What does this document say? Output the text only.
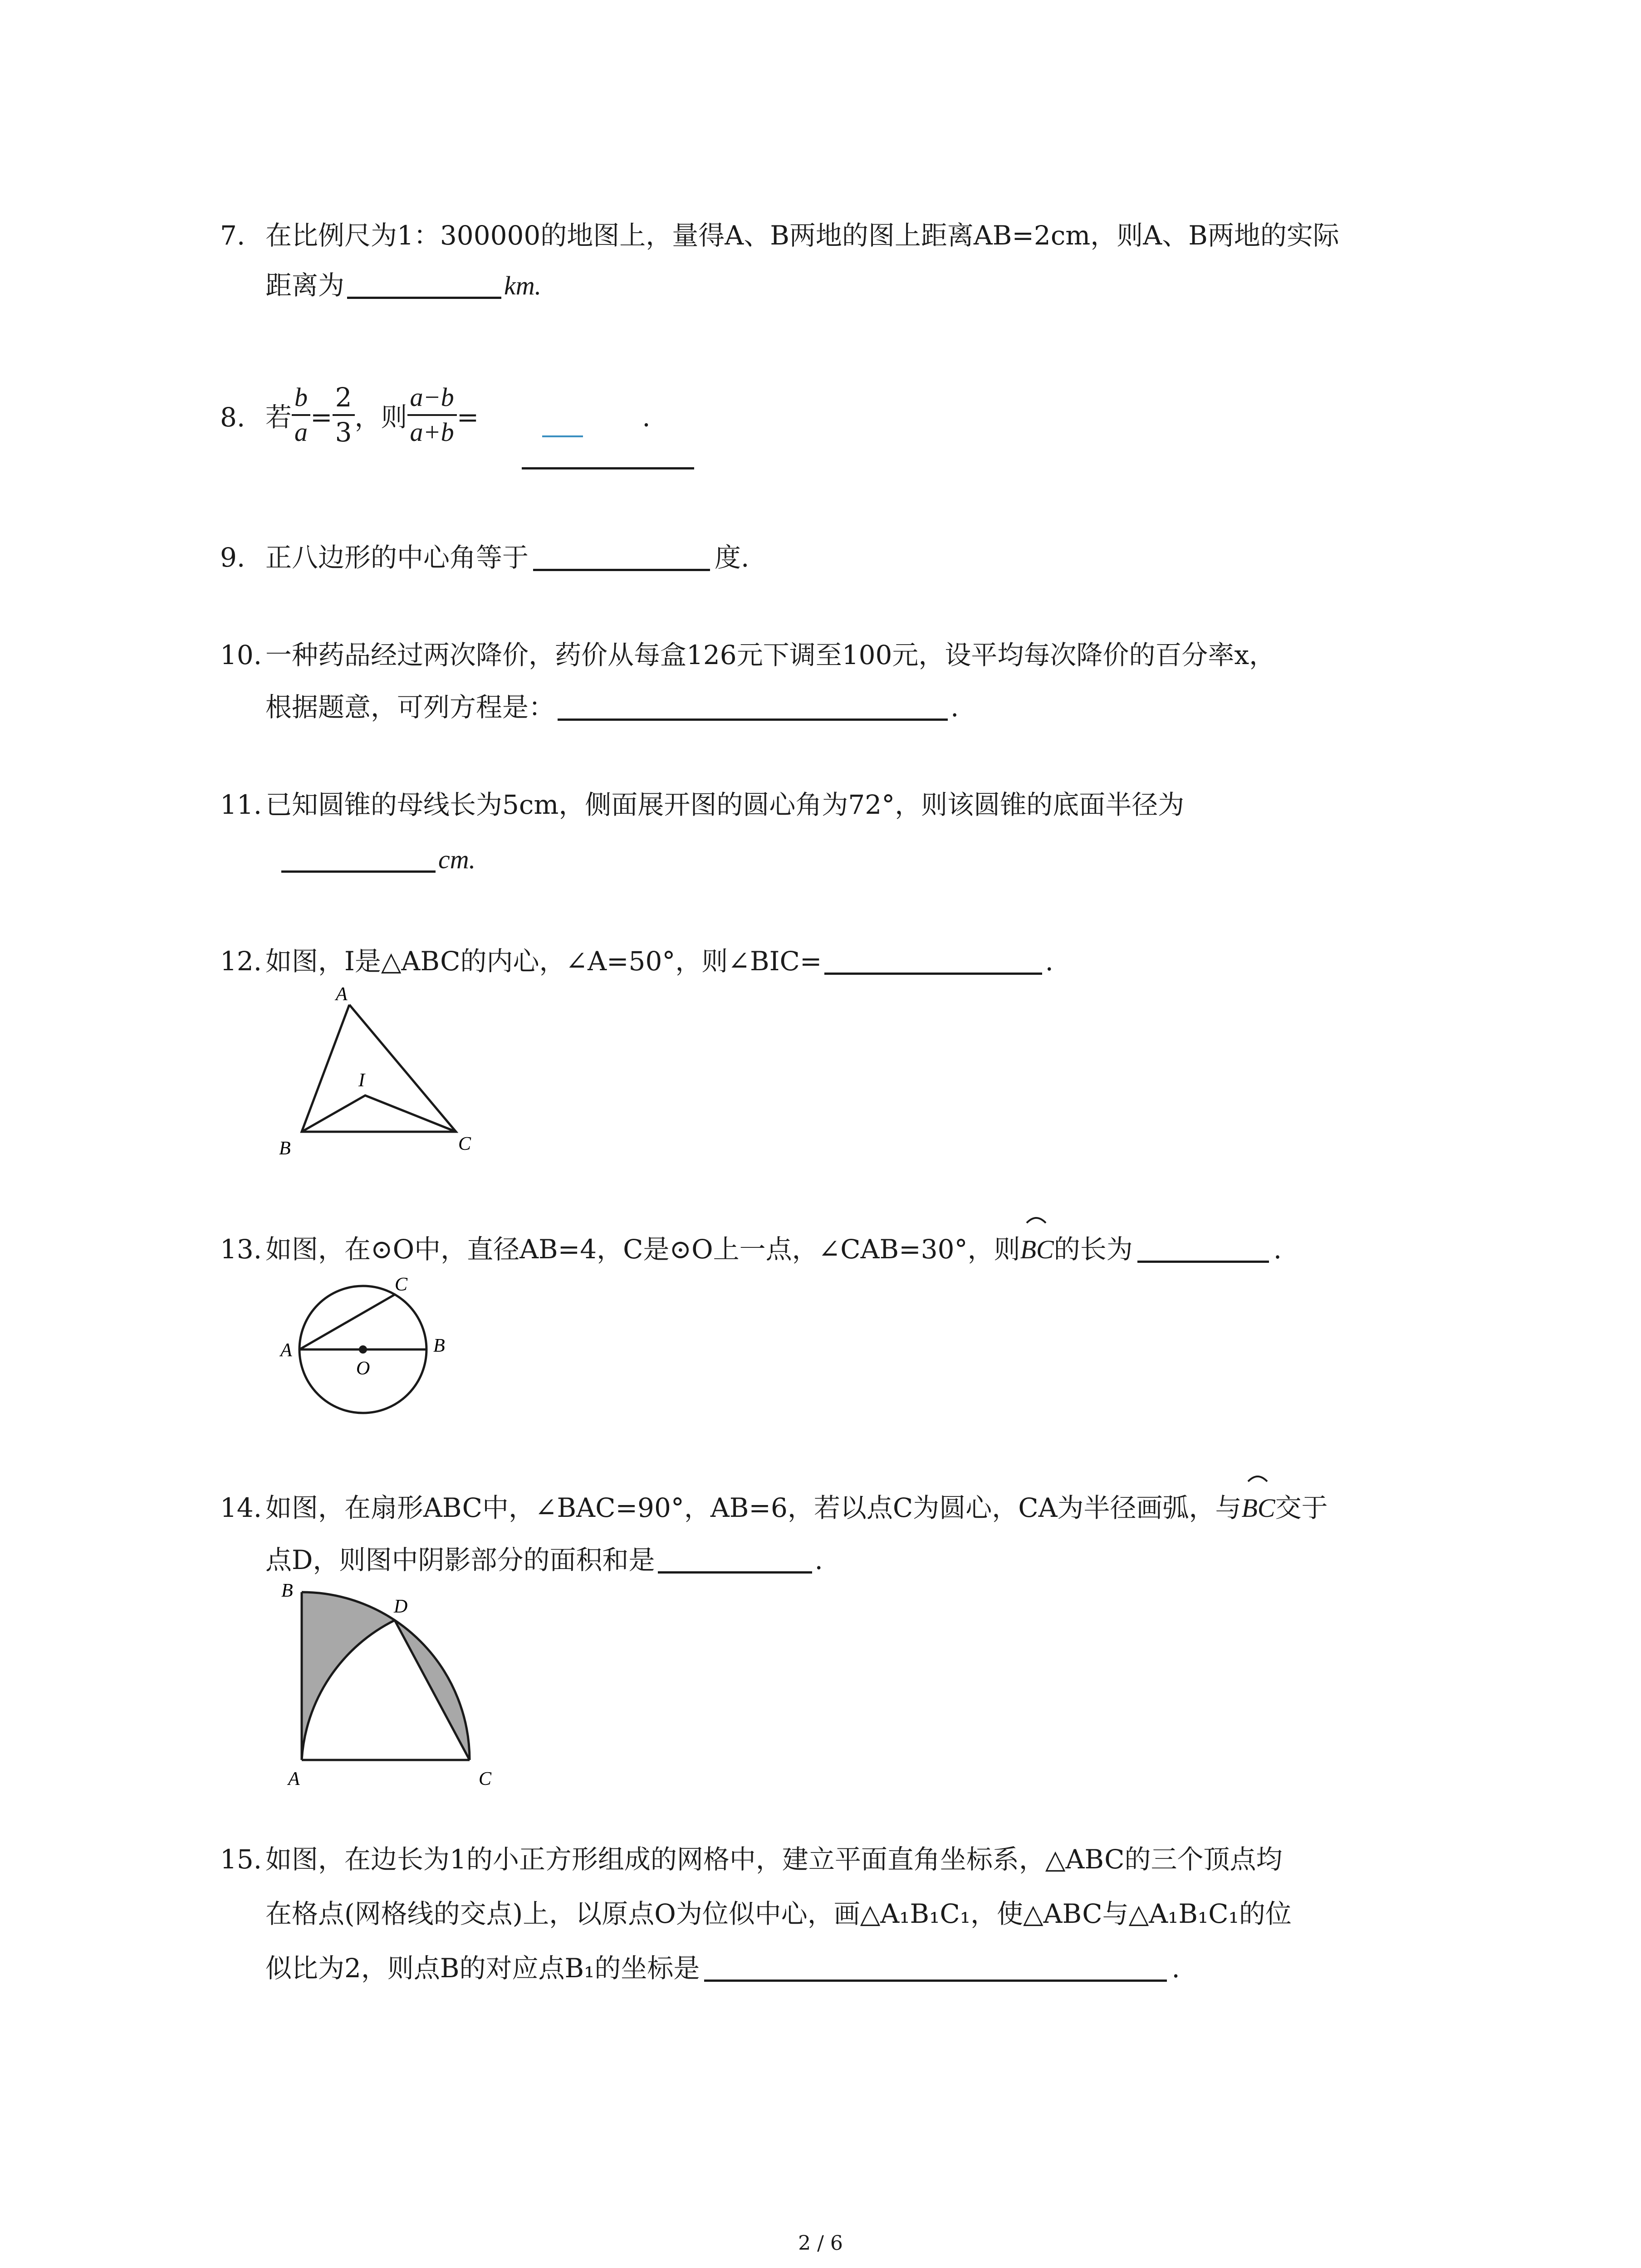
7. 在比例尺为1：300000的地图上，量得A、B两地的图上距离AB=2cm，则A、B两地的实际
距离为	km.
8. 若 $\frac{b}{a} = \frac{2}{3}$ ，则 $\frac{a-b}{a+b}$ =	.
9. 正八边形的中心角等于	度.
10. 一种药品经过两次降价，药价从每盒126元下调至100元，设平均每次降价的百分率x，
根据题意，可列方程是：	.
11. 已知圆锥的母线长为5cm，侧面展开图的圆心角为72°，则该圆锥的底面半径为
cm.
12. 如图，I是△ABC的内心，∠A=50°，则∠BIC=	.
A
B	C
I
13. 如图，在⊙O中，直径AB=4，C是⊙O上一点，∠CAB=30°，则BC
的长为	.
A	B
C
O
14. 如图，在扇形ABC中，∠BAC=90°，AB=6，若以点C为圆心，CA为半径画弧，与BC
交于
点D，则图中阴影部分的面积和是	.
B
D
A	C
15. 如图，在边长为1的小正方形组成的网格中，建立平面直角坐标系，△ABC的三个顶点均
在格点(网格线的交点)上，以原点O为位似中心，画△A₁B₁C₁，使△ABC与△A₁B₁C₁的位
似比为2，则点B的对应点B₁的坐标是	.
2 / 6
